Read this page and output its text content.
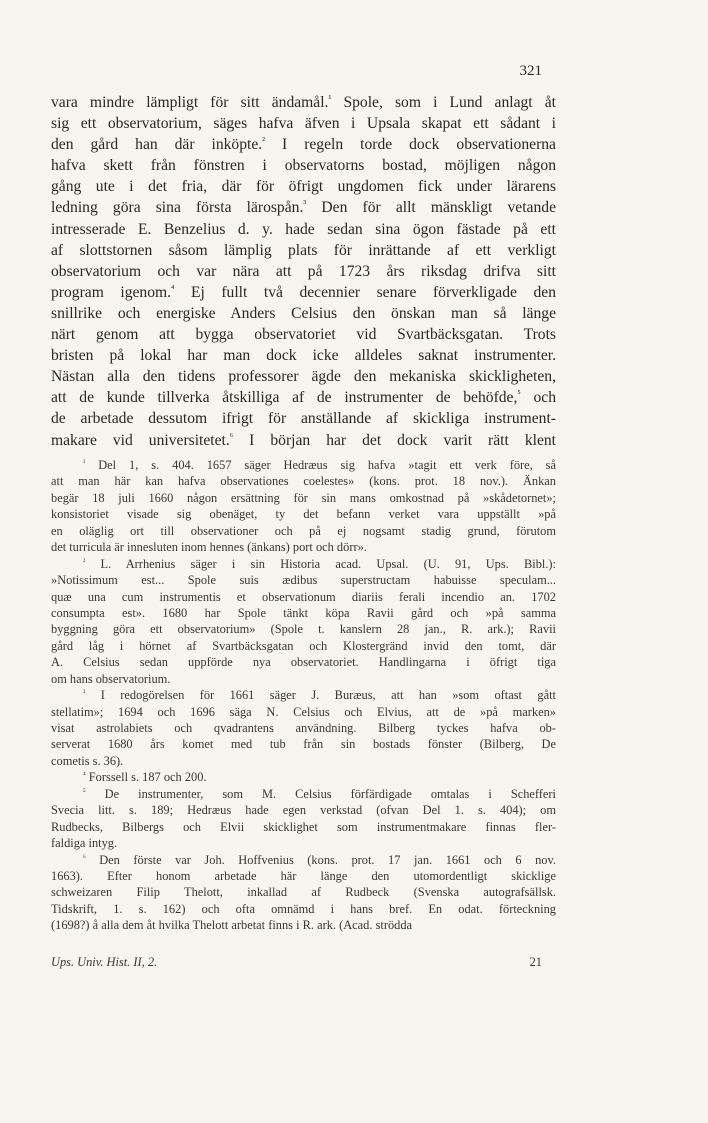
321
vara mindre lämpligt för sitt ändamål.$^{^1}$ Spole, som i Lund anlagt åt
sig ett observatorium, säges hafva äfven i Upsala skapat ett sådant i
den gård han där inköpte.$^{^2}$ I regeln torde dock observationerna
hafva skett från fönstren i observatorns bostad, möjligen någon
gång ute i det fria, där för öfrigt ungdomen fick under lärarens
ledning göra sina första lärospån.$^{^3}$ Den för allt mänskligt vetande
intresserade E. Benzelius d. y. hade sedan sina ögon fästade på ett
af slottstornen såsom lämplig plats för inrättande af ett verkligt
observatorium och var nära att på 1723 års riksdag drifva sitt
program igenom.$^{^4}$ Ej fullt två decennier senare förverkligade den
snillrike och energiske Anders Celsius den önskan man så länge
närt genom att bygga observatoriet vid Svartbäcksgatan. Trots
bristen på lokal har man dock icke alldeles saknat instrumenter.
Nästan alla den tidens professorer ägde den mekaniska skickligheten,
att de kunde tillverka åtskilliga af de instrumenter de behöfde,$^{^5}$ och
de arbetade dessutom ifrigt för anställande af skickliga instrument-
makare vid universitetet.$^{^6}$ I början har det dock varit rätt klent
$^{^1}$ Del 1, s. 404. 1657 säger Hedræus sig hafva »tagit ett verk före, så
att man här kan hafva observationes coelestes» (kons. prot. 18 nov.). Änkan
begär 18 juli 1660 någon ersättning för sin mans omkostnad på »skådetornet»;
konsistoriet visade sig obenäget, ty det befann verket vara uppställt »på
en oläglig ort till observationer och på ej nogsamt stadig grund, förutom
det turricula är innesluten inom hennes (änkans) port och dörr».
$^{^2}$ L. Arrhenius säger i sin Historia acad. Upsal. (U. 91, Ups. Bibl.):
»Notissimum est... Spole suis ædibus superstructam habuisse speculam...
quæ una cum instrumentis et observationum diariis ferali incendio an. 1702
consumpta est». 1680 har Spole tänkt köpa Ravii gård och »på samma
byggning göra ett observatorium» (Spole t. kanslern 28 jan., R. ark.); Ravii
gård låg i hörnet af Svartbäcksgatan och Klostergränd invid den tomt, där
A. Celsius sedan uppförde nya observatoriet. Handlingarna i öfrigt tiga
om hans observatorium.
$^{^3}$ I redogörelsen för 1661 säger J. Buræus, att han »som oftast gått
stellatim»; 1694 och 1696 säga N. Celsius och Elvius, att de »på marken»
visat astrolabiets och qvadrantens användning. Bilberg tyckes hafva ob-
serverat 1680 års komet med tub från sin bostads fönster (Bilberg, De
cometis s. 36).
$^{^4}$ Forssell s. 187 och 200.
$^{^5}$ De instrumenter, som M. Celsius förfärdigade omtalas i Schefferi
Svecia litt. s. 189; Hedræus hade egen verkstad (ofvan Del 1. s. 404); om
Rudbecks, Bilbergs och Elvii skicklighet som instrumentmakare finnas fler-
faldiga intyg.
$^{^6}$ Den förste var Joh. Hoffvenius (kons. prot. 17 jan. 1661 och 6 nov.
1663). Efter honom arbetade här länge den utomordentligt skicklige
schweizaren Filip Thelott, inkallad af Rudbeck (Svenska autografsällsk.
Tidskrift, 1. s. 162) och ofta omnämd i hans bref. En odat. förteckning
(1698?) å alla dem åt hvilka Thelott arbetat finns i R. ark. (Acad. strödda
Ups. Univ. Hist. II, 2.	21
